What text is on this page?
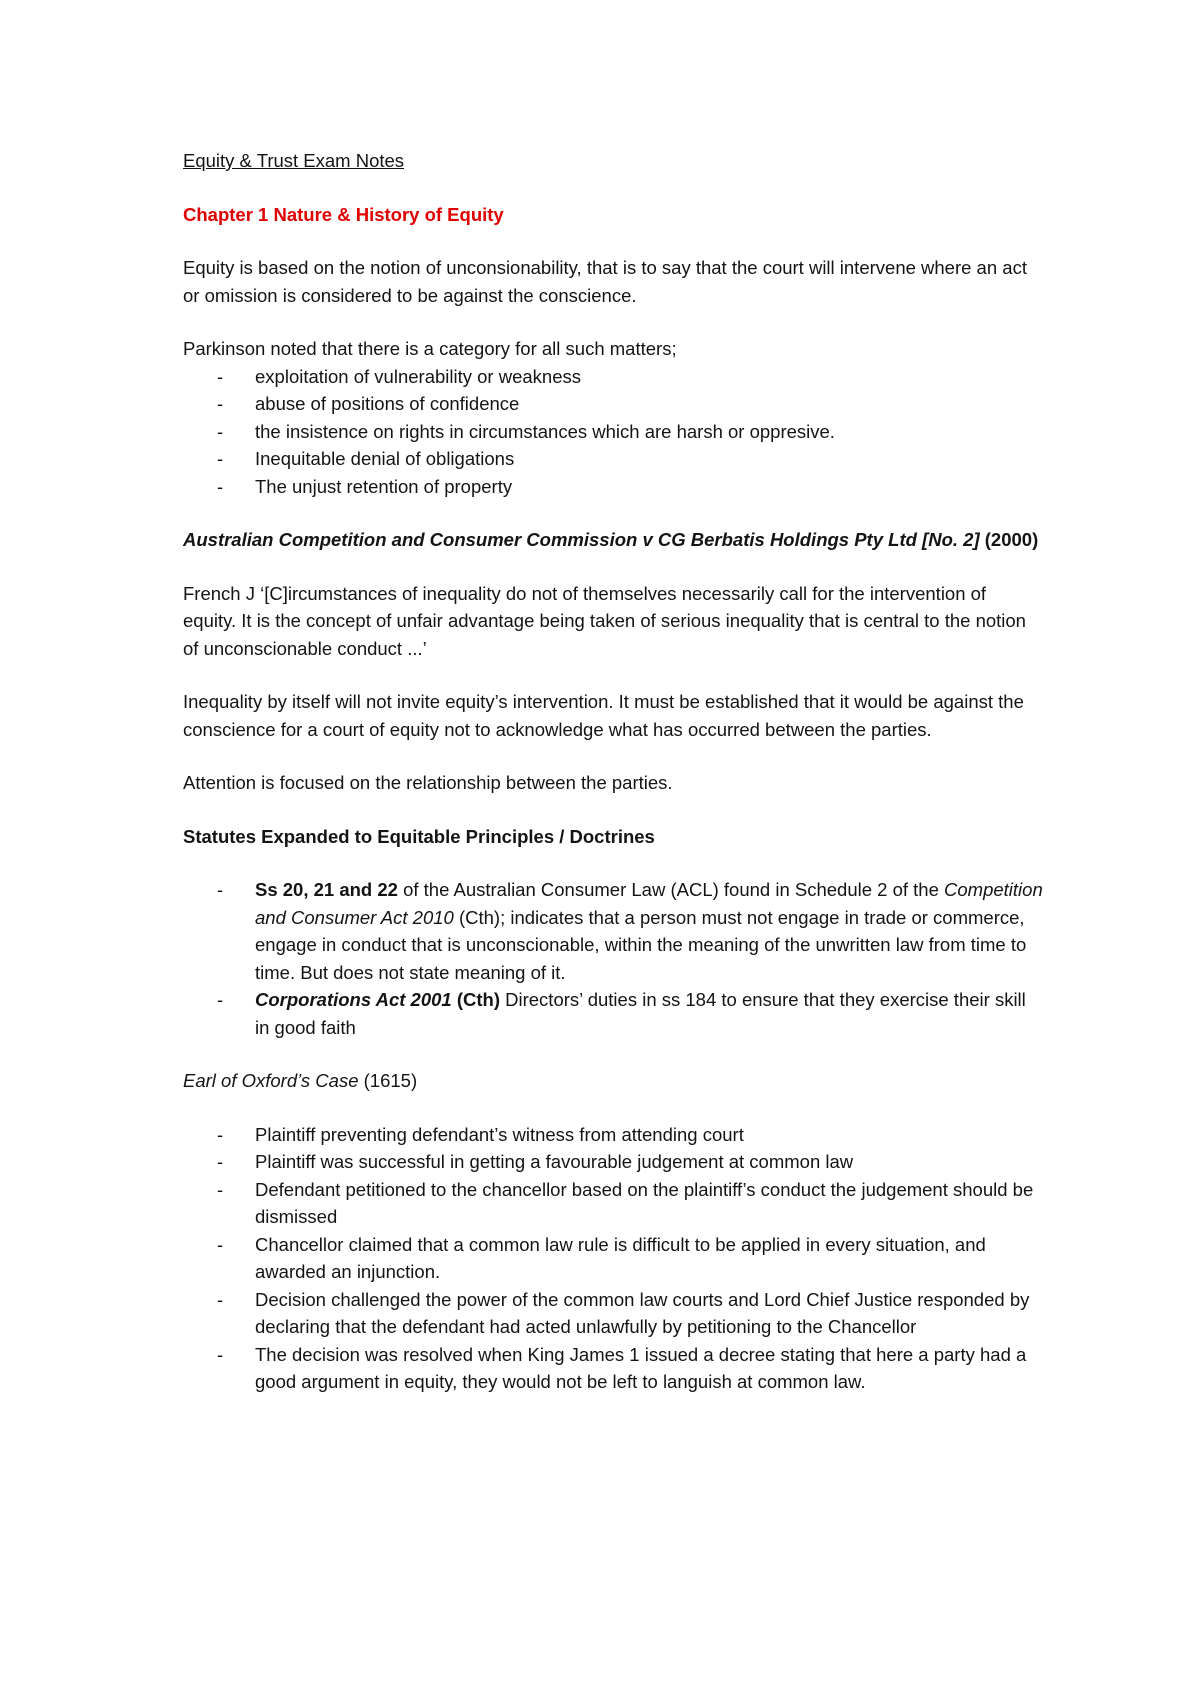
Equity & Trust Exam Notes

Chapter 1 Nature & History of Equity

Equity is based on the notion of unconsionability, that is to say that the court will intervene where an act or omission is considered to be against the conscience.

Parkinson noted that there is a category for all such matters;

- exploitation of vulnerability or weakness
- abuse of positions of confidence
- the insistence on rights in circumstances which are harsh or oppresive.
- Inequitable denial of obligations
- The unjust retention of property

Australian Competition and Consumer Commission v CG Berbatis Holdings Pty Ltd [No. 2] (2000)

French J ‘[C]ircumstances of inequality do not of themselves necessarily call for the intervention of equity. It is the concept of unfair advantage being taken of serious inequality that is central to the notion of unconscionable conduct ...’

Inequality by itself will not invite equity’s intervention. It must be established that it would be against the conscience for a court of equity not to acknowledge what has occurred between the parties.

Attention is focused on the relationship between the parties.

Statutes Expanded to Equitable Principles / Doctrines

- Ss 20, 21 and 22 of the Australian Consumer Law (ACL) found in Schedule 2 of the Competition and Consumer Act 2010 (Cth); indicates that a person must not engage in trade or commerce, engage in conduct that is unconscionable, within the meaning of the unwritten law from time to time. But does not state meaning of it.
- Corporations Act 2001 (Cth) Directors’ duties in ss 184 to ensure that they exercise their skill in good faith

Earl of Oxford’s Case (1615)

- Plaintiff preventing defendant’s witness from attending court
- Plaintiff was successful in getting a favourable judgement at common law
- Defendant petitioned to the chancellor based on the plaintiff’s conduct the judgement should be dismissed
- Chancellor claimed that a common law rule is difficult to be applied in every situation, and awarded an injunction.
- Decision challenged the power of the common law courts and Lord Chief Justice responded by declaring that the defendant had acted unlawfully by petitioning to the Chancellor
- The decision was resolved when King James 1 issued a decree stating that here a party had a good argument in equity, they would not be left to languish at common law.
